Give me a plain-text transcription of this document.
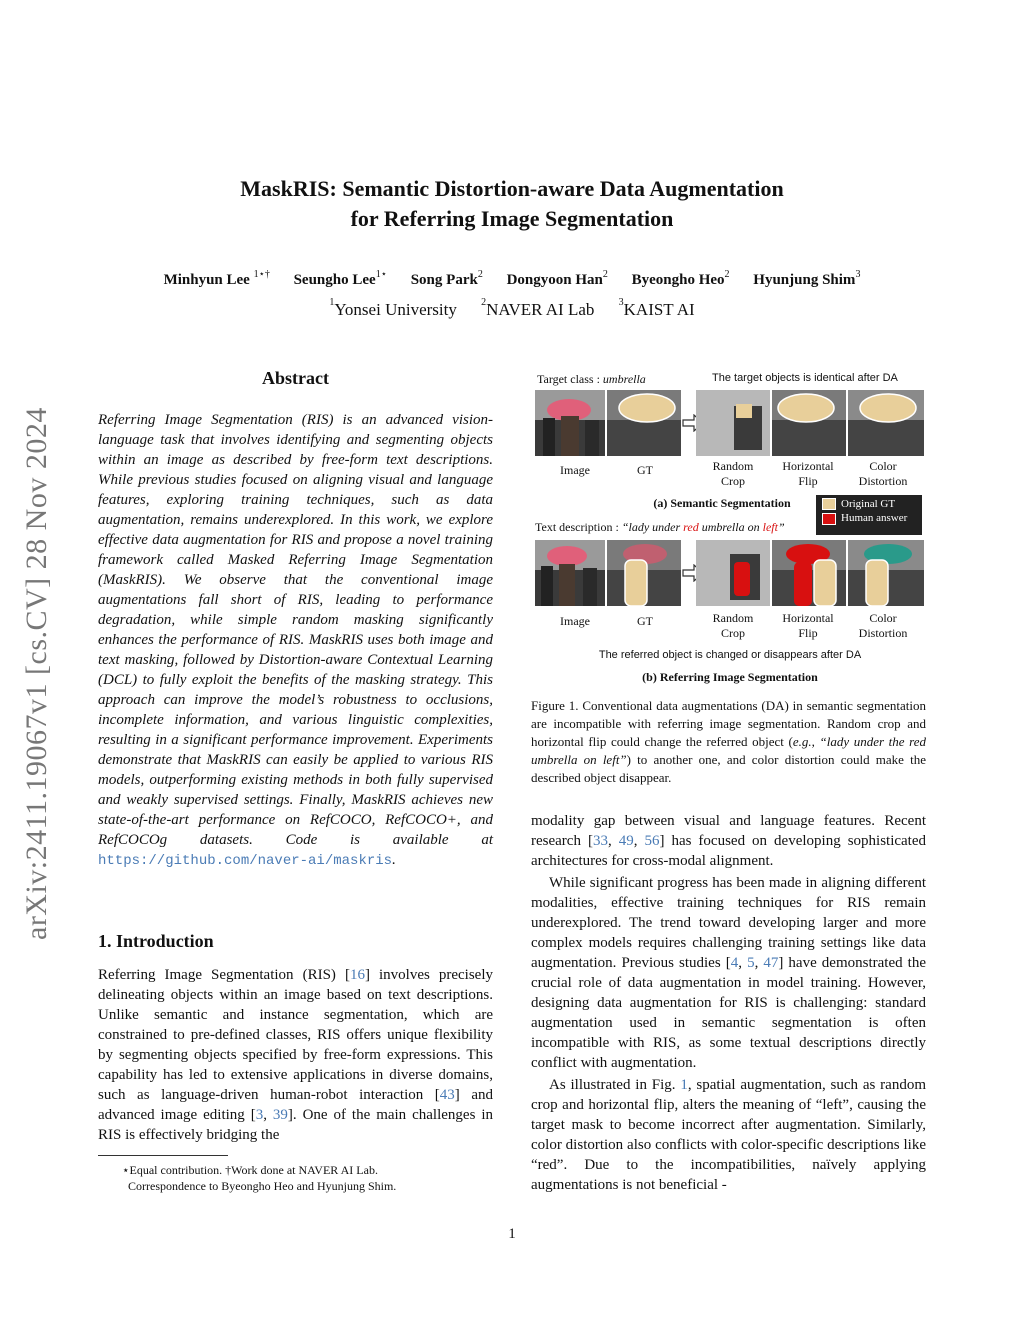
MaskRIS: Semantic Distortion-aware Data Augmentation
for Referring Image Segmentation
Minhyun Lee $^{1⋆\dagger}$ Seungho Lee$^{1⋆}$ Song Park$^2$ Dongyoon Han$^2$ Byeongho Heo$^2$ Hyunjung Shim$^3$
$^1$Yonsei University $^2$NAVER AI Lab $^3$KAIST AI
arXiv:2411.19067v1 [cs.CV] 28 Nov 2024
Abstract

Referring Image Segmentation (RIS) is an advanced vision-language task that involves identifying and segmenting objects within an image as described by free-form text descriptions. While previous studies focused on aligning visual and language features, exploring training techniques, such as data augmentation, remains underexplored. In this work, we explore effective data augmentation for RIS and propose a novel training framework called Masked Referring Image Segmentation (MaskRIS). We observe that the conventional image augmentations fall short of RIS, leading to performance degradation, while simple random masking significantly enhances the performance of RIS. MaskRIS uses both image and text masking, followed by Distortion-aware Contextual Learning (DCL) to fully exploit the benefits of the masking strategy. This approach can improve the model’s robustness to occlusions, incomplete information, and various linguistic complexities, resulting in a significant performance improvement. Experiments demonstrate that MaskRIS can easily be applied to various RIS models, outperforming existing methods in both fully supervised and weakly supervised settings. Finally, MaskRIS achieves new state-of-the-art performance on RefCOCO, RefCOCO+, and RefCOCOg datasets. Code is available at https://github.com/naver-ai/maskris.

1. Introduction

Referring Image Segmentation (RIS) [16] involves precisely delineating objects within an image based on text descriptions. Unlike semantic and instance segmentation, which are constrained to pre-defined classes, RIS offers unique flexibility by segmenting objects specified by free-form expressions. This capability has led to extensive applications in diverse domains, such as language-driven human-robot interaction [43] and advanced image editing [3, 39]. One of the main challenges in RIS is effectively bridging the

⋆Equal contribution. †Work done at NAVER AI Lab.
Correspondence to Byeongho Heo and Hyunjung Shim.
1
Target class : umbrella	The target objects is identical after DA
Image	GT	Random
Crop
Horizontal
Flip
Color
Distortion
(a) Semantic Segmentation
Text description : “lady under red umbrella on left”
Original GT
Human answer
Image	GT	Random
Crop
Horizontal
Flip
Color
Distortion
The referred object is changed or disappears after DA
(b) Referring Image Segmentation
Figure 1. Conventional data augmentations (DA) in semantic segmentation are incompatible with referring image segmentation. Random crop and horizontal flip could change the referred object (e.g., “lady under the red umbrella on left”) to another one, and color distortion could make the described object disappear.

modality gap between visual and language features. Recent research [33, 49, 56] has focused on developing sophisticated architectures for cross-modal alignment.

While significant progress has been made in aligning different modalities, effective training techniques for RIS remain underexplored. The trend toward developing larger and more complex models requires challenging training settings like data augmentation. Previous studies [4, 5, 47] have demonstrated the crucial role of data augmentation in model training. However, designing data augmentation for RIS is challenging: standard augmentation used in semantic segmentation is often incompatible with RIS, as some textual descriptions directly conflict with augmentation.

As illustrated in Fig. 1, spatial augmentation, such as random crop and horizontal flip, alters the meaning of “left”, causing the target mask to become incorrect after augmentation. Similarly, color distortion also conflicts with color-specific descriptions like “red”. Due to the incompatibilities, naïvely applying augmentations is not beneficial -
